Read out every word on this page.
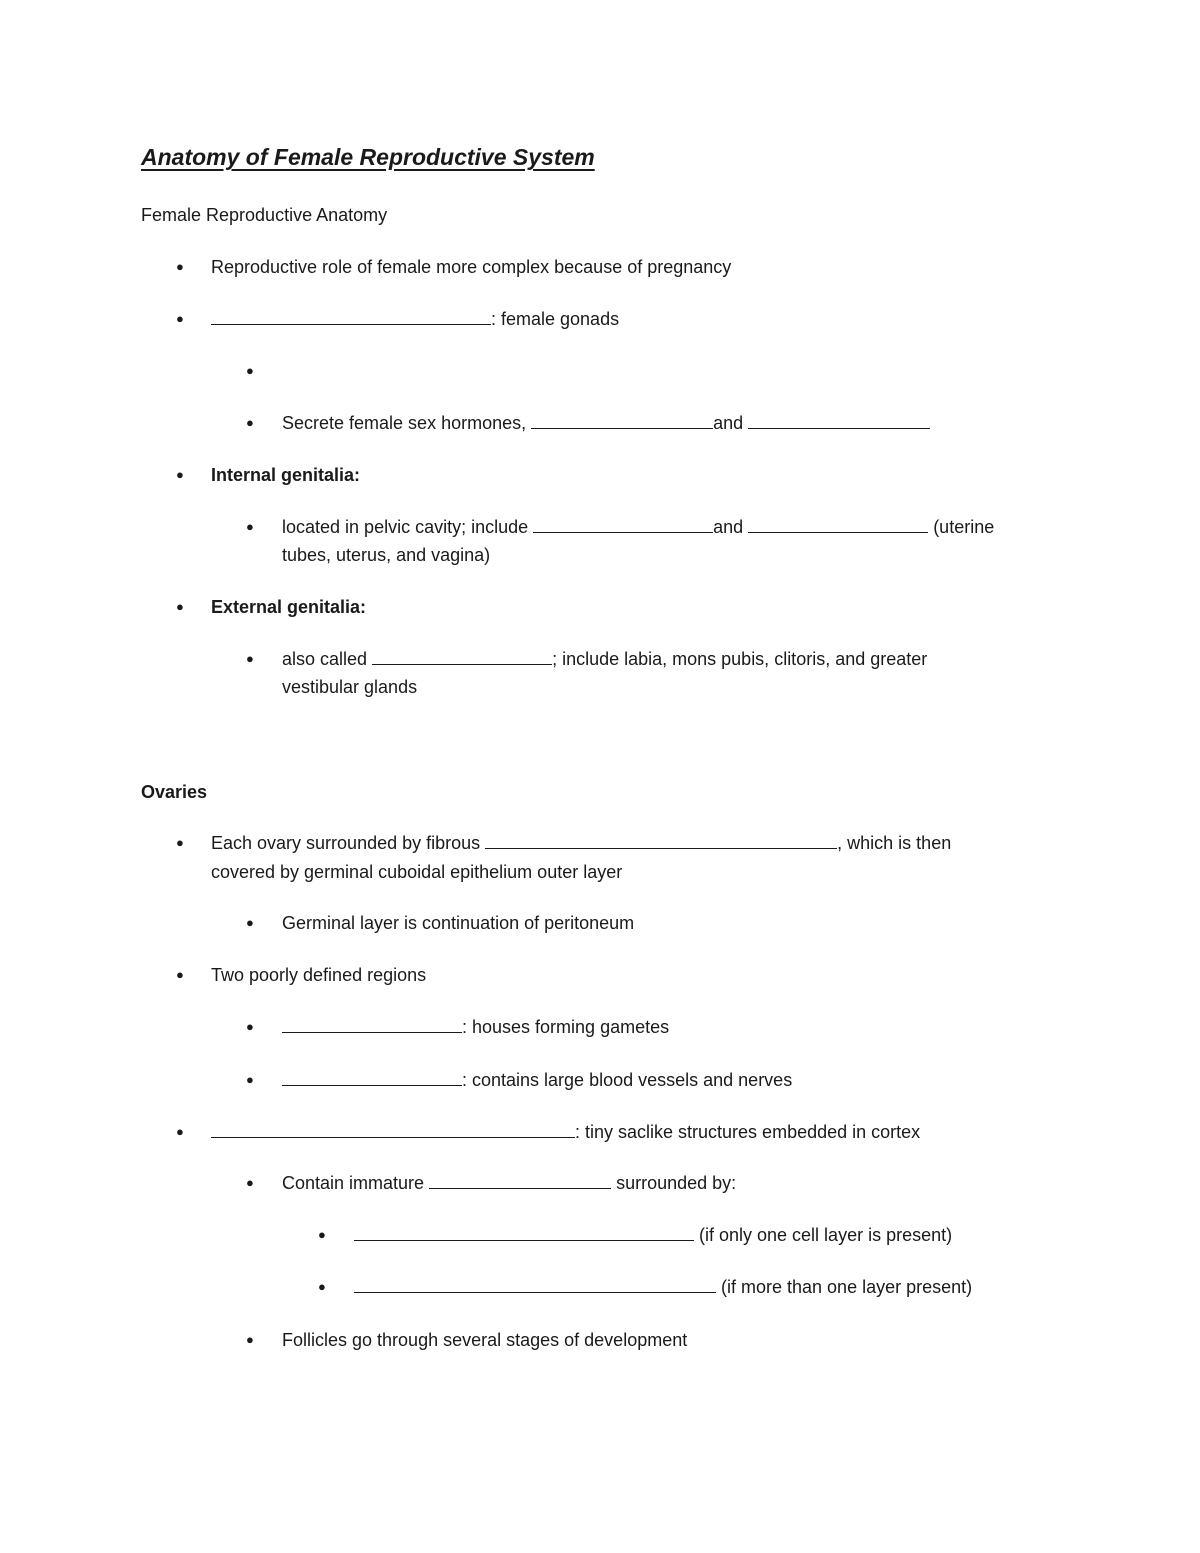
Anatomy of Female Reproductive System
Female Reproductive Anatomy
● Reproductive role of female more complex because of pregnancy
●	: female gonads
●
● Secrete female sex hormones,	and
● Internal genitalia:
● located in pelvic cavity; include	and	(uterine
tubes, uterus, and vagina)
● External genitalia:
● also called	; include labia, mons pubis, clitoris, and greater
vestibular glands
Ovaries
● Each ovary surrounded by fibrous	, which is then
covered by germinal cuboidal epithelium outer layer
● Germinal layer is continuation of peritoneum
● Two poorly defined regions
●	: houses forming gametes
●	: contains large blood vessels and nerves
●	: tiny saclike structures embedded in cortex
● Contain immature	surrounded by:
●	(if only one cell layer is present)
●	(if more than one layer present)
● Follicles go through several stages of development
